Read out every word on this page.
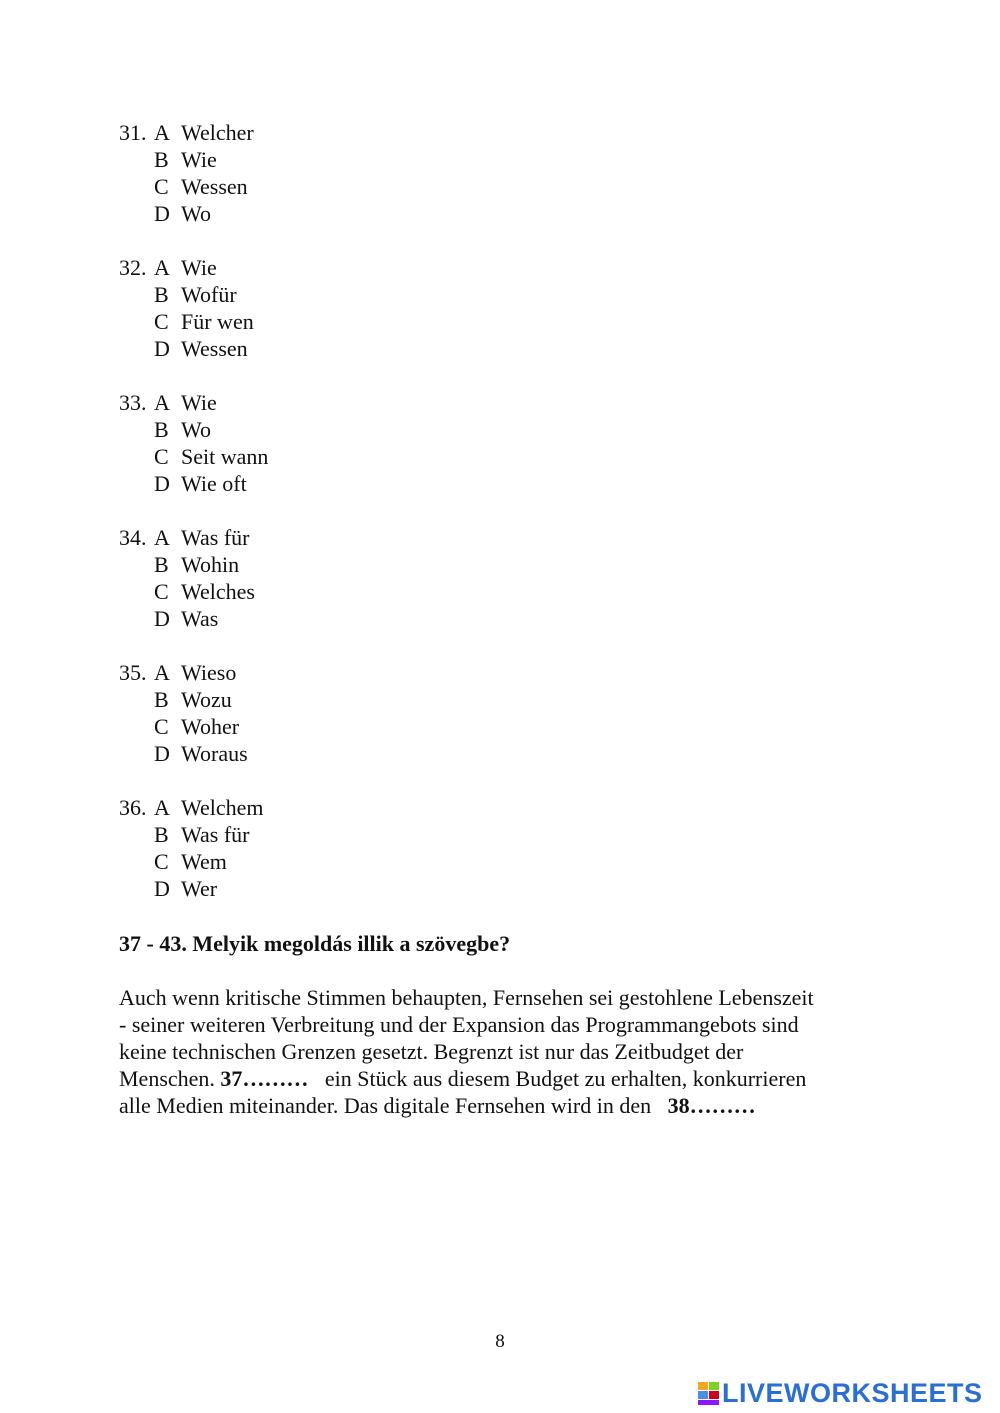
31. A Welcher
B Wie
C Wessen
D Wo
32. A Wie
B Wofür
C Für wen
D Wessen
33. A Wie
B Wo
C Seit wann
D Wie oft
34. A Was für
B Wohin
C Welches
D Was
35. A Wieso
B Wozu
C Woher
D Woraus
36. A Welchem
B Was für
C Wem
D Wer
37 - 43. Melyik megoldás illik a szövegbe?
Auch wenn kritische Stimmen behaupten, Fernsehen sei gestohlene Lebenszeit
- seiner weiteren Verbreitung und der Expansion das Programmangebots sind
keine technischen Grenzen gesetzt. Begrenzt ist nur das Zeitbudget der
Menschen. 37………   ein Stück aus diesem Budget zu erhalten, konkurrieren
alle Medien miteinander. Das digitale Fernsehen wird in den   38………
8
LIVEWORKSHEETS
